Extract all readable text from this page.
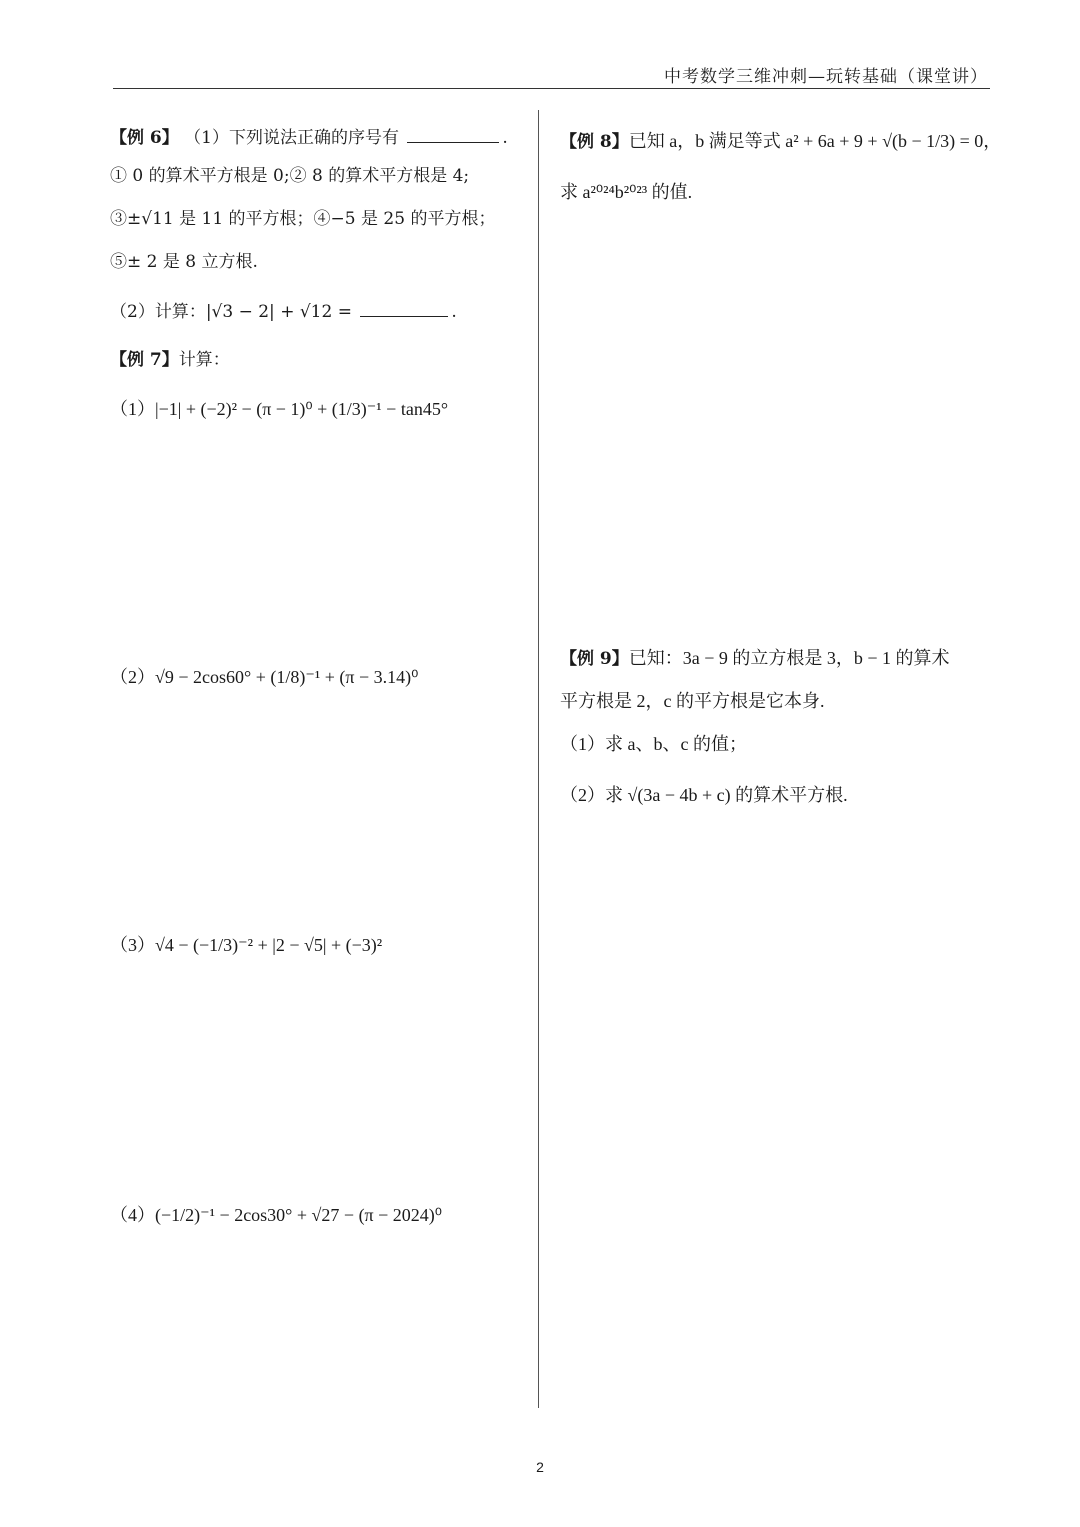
中考数学三维冲刺—玩转基础（课堂讲）
【例 6】 （1）下列说法正确的序号有	.
① 0 的算术平方根是 0;② 8 的算术平方根是 4;
③±√11 是 11 的平方根；④−5 是 25 的平方根；
⑤± 2 是 8 立方根.
（2）计算：|√3 − 2| + √12 =	.
【例 7】计算：
（1）|−1| + (−2)² − (π − 1)⁰ + (1/3)⁻¹ − tan45°
（2）√9 − 2cos60° + (1/8)⁻¹ + (π − 3.14)⁰
（3）√4 − (−1/3)⁻² + |2 − √5| + (−3)²
（4）(−1/2)⁻¹ − 2cos30° + √27 − (π − 2024)⁰
【例 8】已知 a，b 满足等式 a² + 6a + 9 + √(b − 1/3) = 0，
求 a²⁰²⁴b²⁰²³ 的值.
【例 9】已知：3a − 9 的立方根是 3，b − 1 的算术
平方根是 2，c 的平方根是它本身.
（1）求 a、b、c 的值；
（2）求 √(3a − 4b + c) 的算术平方根.
2
